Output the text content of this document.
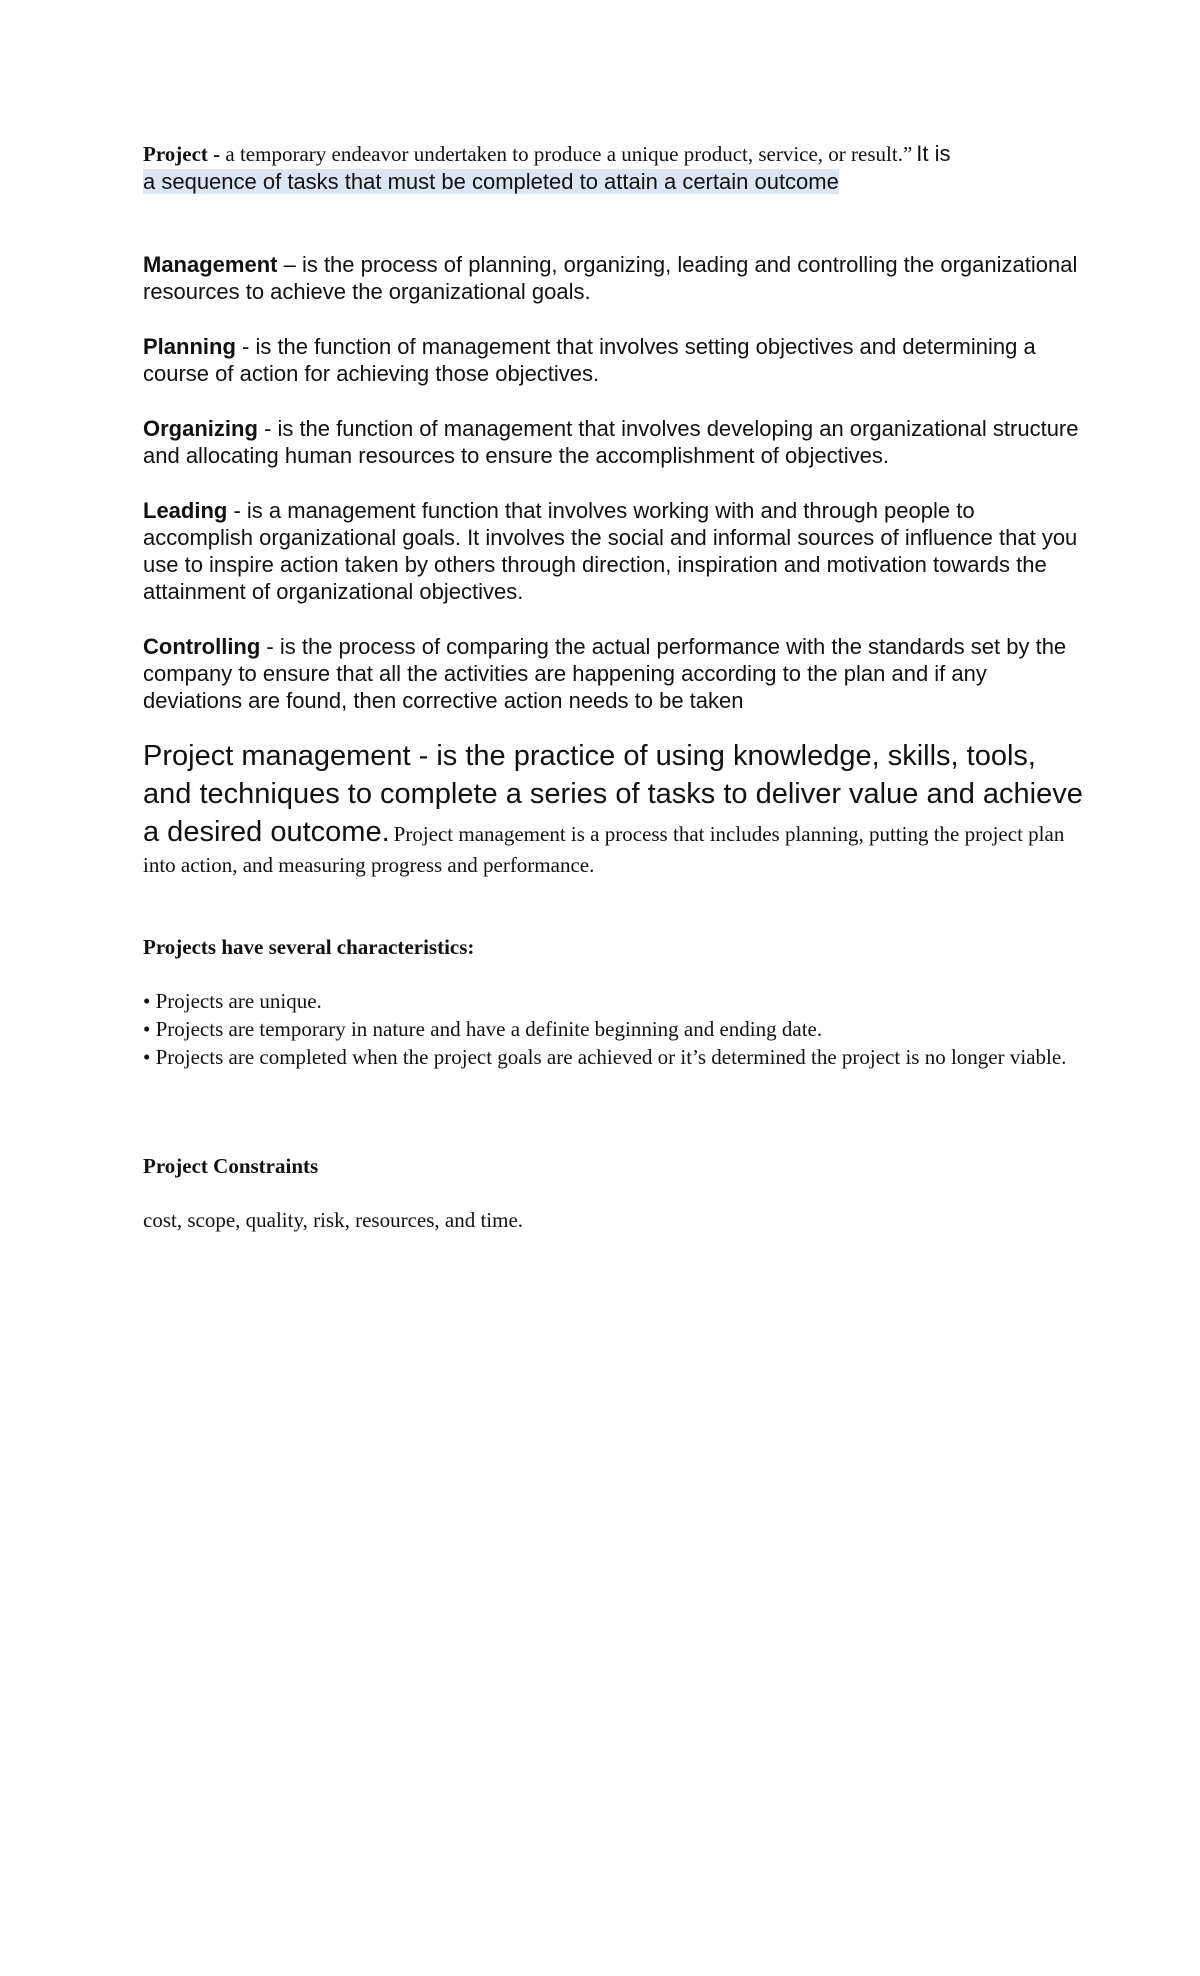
Project - a temporary endeavor undertaken to produce a unique product, service, or result.” It is
a sequence of tasks that must be completed to attain a certain outcome

Management – is the process of planning, organizing, leading and controlling the organizational resources to achieve the organizational goals.

Planning - is the function of management that involves setting objectives and determining a course of action for achieving those objectives.

Organizing - is the function of management that involves developing an organizational structure and allocating human resources to ensure the accomplishment of objectives.

Leading - is a management function that involves working with and through people to accomplish organizational goals. It involves the social and informal sources of influence that you use to inspire action taken by others through direction, inspiration and motivation towards the attainment of organizational objectives.

Controlling - is the process of comparing the actual performance with the standards set by the company to ensure that all the activities are happening according to the plan and if any deviations are found, then corrective action needs to be taken

Project management - is the practice of using knowledge, skills, tools, and techniques to complete a series of tasks to deliver value and achieve a desired outcome. Project management is a process that includes planning, putting the project plan into action, and measuring progress and performance.

Projects have several characteristics:

• Projects are unique.

• Projects are temporary in nature and have a definite beginning and ending date.

• Projects are completed when the project goals are achieved or it’s determined the project is no longer viable.

Project Constraints

cost, scope, quality, risk, resources, and time.
